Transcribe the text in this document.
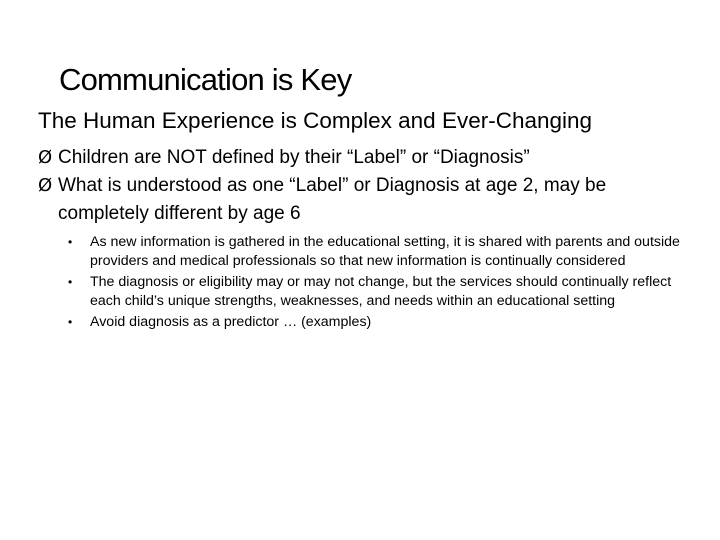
Communication is Key
The Human Experience is Complex and Ever-Changing
Ø Children are NOT defined by their “Label” or “Diagnosis”
Ø What is understood as one “Label” or Diagnosis at age 2, may be completely different by age 6
• As new information is gathered in the educational setting, it is shared with parents and outside providers and medical professionals so that new information is continually considered
• The diagnosis or eligibility may or may not change, but the services should continually reflect each child’s unique strengths, weaknesses, and needs within an educational setting
• Avoid diagnosis as a predictor … (examples)
